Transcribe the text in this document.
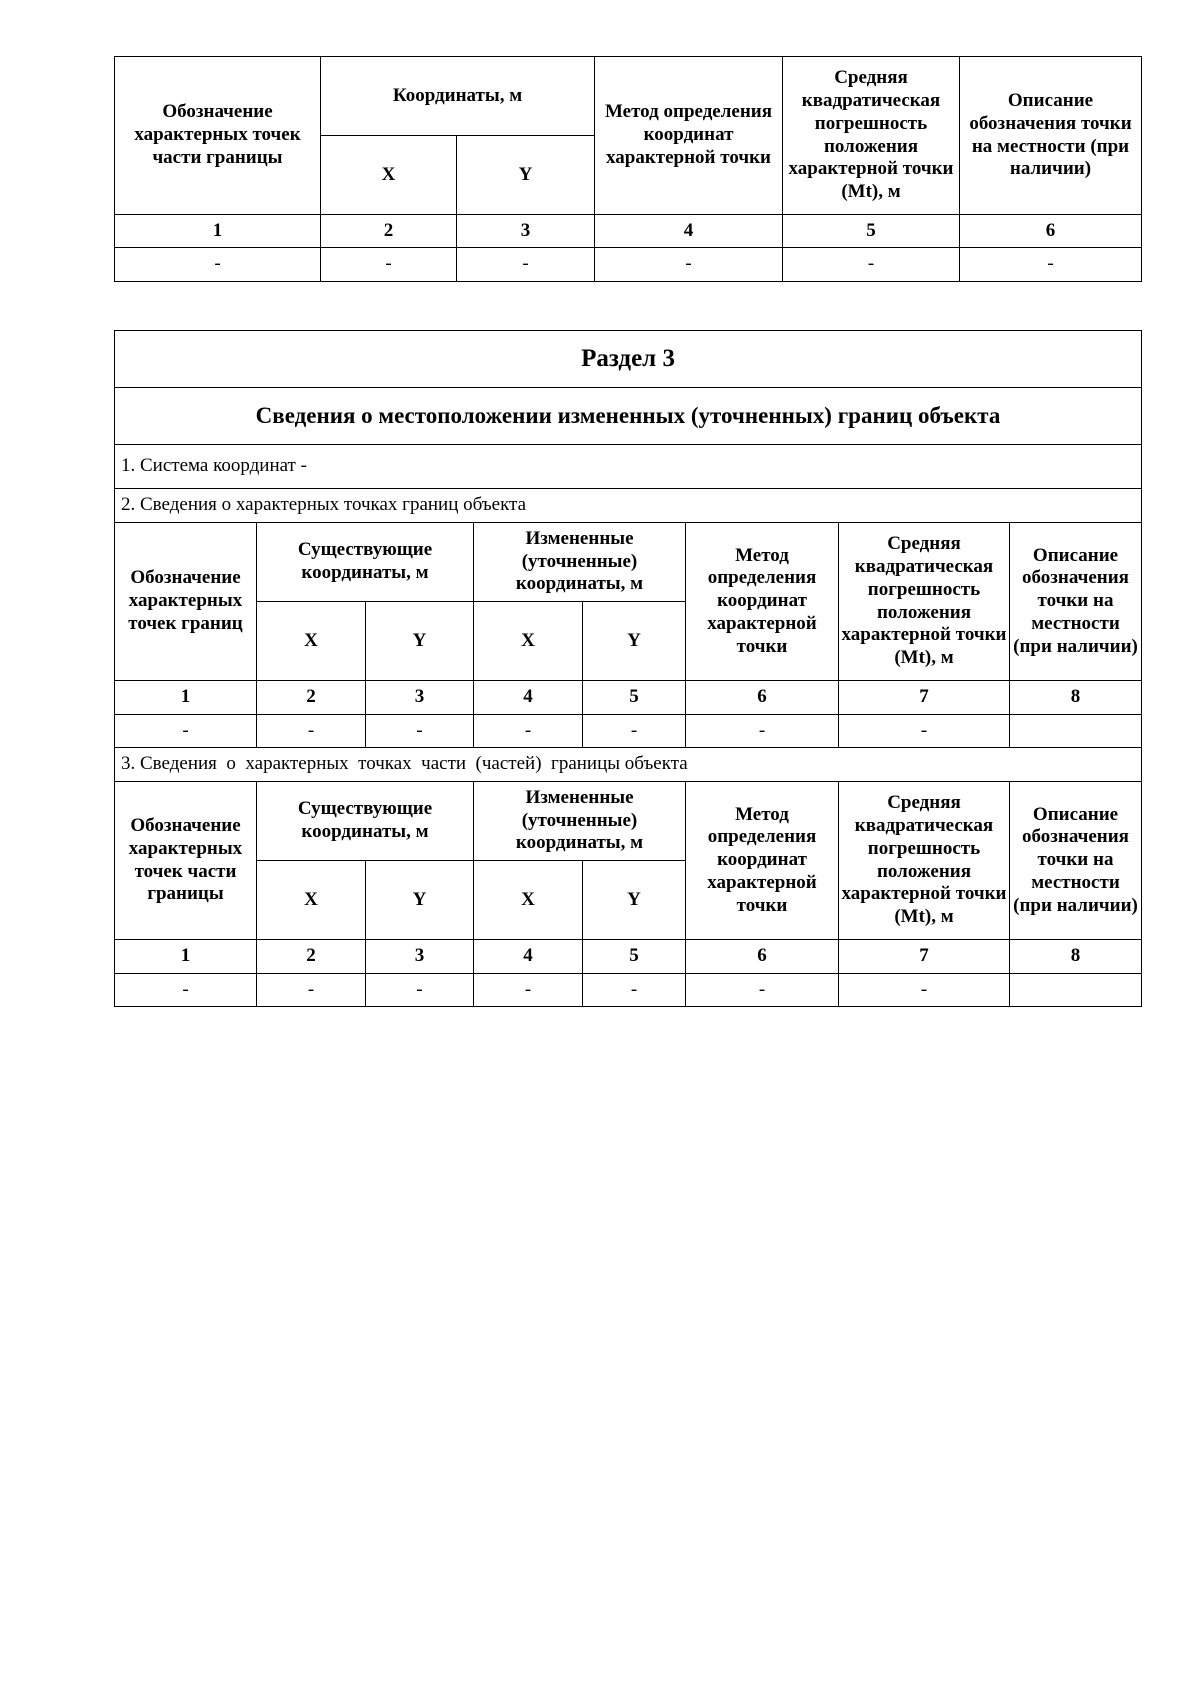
Обозначение характерных точек части границы	Координаты, м		Метод определения координат характерной точки	Средняя квадратическая погрешность положения характерной точки (Mt), м	Описание обозначения точки на местности (при наличии)
	X	Y			
1	2	3	4	5	6
-	-	-	-	-	-
Раздел 3							
Сведения о местоположении измененных (уточненных) границ объекта							
1. Система координат -							
2. Сведения о характерных точках границ объекта							
Обозначение характерных точек границ	Существующие координаты, м		Измененные (уточненные) координаты, м		Метод определения координат характерной точки	Средняя квадратическая погрешность положения характерной точки (Mt), м	Описание обозначения точки на местности (при наличии)
	X	Y	X	Y			
1	2	3	4	5	6	7	8
-	-	-	-	-	-	-	
3. Сведения  о  характерных  точках  части  (частей)  границы объекта							
Обозначение характерных точек части границы	Существующие координаты, м		Измененные (уточненные) координаты, м		Метод определения координат характерной точки	Средняя квадратическая погрешность положения характерной точки (Mt), м	Описание обозначения точки на местности (при наличии)
	X	Y	X	Y			
1	2	3	4	5	6	7	8
-	-	-	-	-	-	-	
